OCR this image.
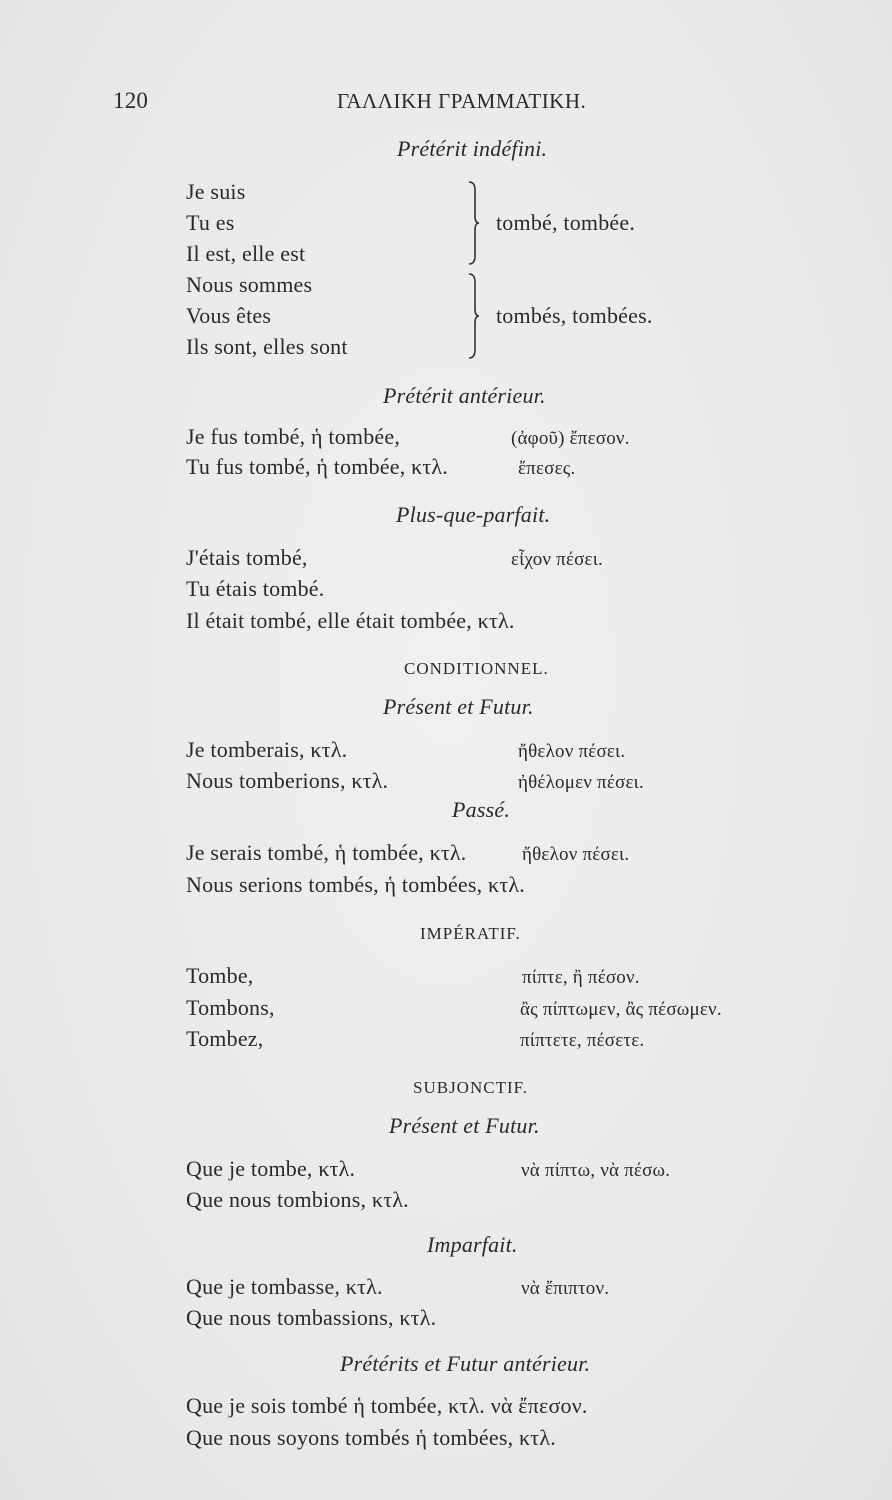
120	ΓΑΛΛΙΚΗ ΓΡΑΜΜΑΤΙΚΗ.
Prétérit indéfini.
Je suis
Tu es
Il est, elle est
tombé, tombée.
Nous sommes
Vous êtes
Ils sont, elles sont
tombés, tombées.
Prétérit antérieur.
Je fus tombé, ἡ tombée,	(ἀφοῦ) ἔπεσον.
Tu fus tombé, ἡ tombée, κτλ.	ἔπεσες.
Plus-que-parfait.
J'étais tombé,	εἶχον πέσει.
Tu étais tombé.
Il était tombé, elle était tombée, κτλ.
CONDITIONNEL.
Présent et Futur.
Je tomberais, κτλ.	ἤθελον πέσει.
Nous tomberions, κτλ.	ἠθέλομεν πέσει.
Passé.
Je serais tombé, ἡ tombée, κτλ.	ἤθελον πέσει.
Nous serions tombés, ἡ tombées, κτλ.
IMPÉRATIF.
Tombe,	πίπτε, ἢ πέσον.
Tombons,	ἂς πίπτωμεν, ἂς πέσωμεν.
Tombez,	πίπτετε, πέσετε.
SUBJONCTIF.
Présent et Futur.
Que je tombe, κτλ.	νὰ πίπτω, νὰ πέσω.
Que nous tombions, κτλ.
Imparfait.
Que je tombasse, κτλ.	νὰ ἔπιπτον.
Que nous tombassions, κτλ.
Prétérits et Futur antérieur.
Que je sois tombé ἡ tombée, κτλ. νὰ ἔπεσον.
Que nous soyons tombés ἡ tombées, κτλ.
